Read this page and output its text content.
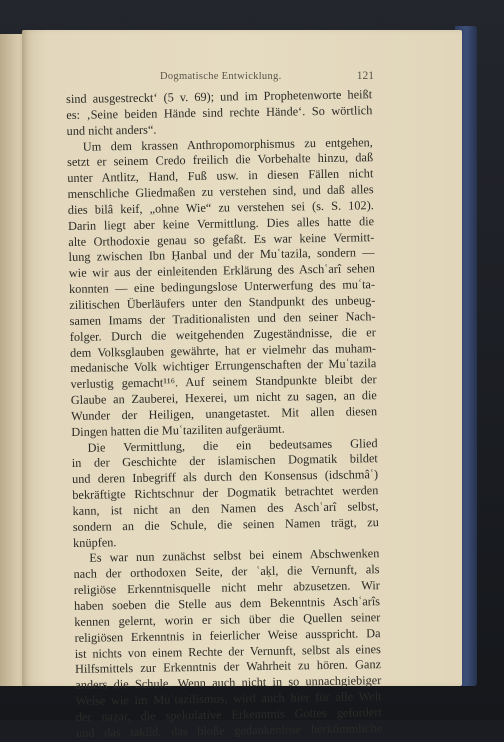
Dogmatische Entwicklung.	121
sind ausgestreckt‘ (5 v. 69); und im Prophetenworte heißt
es: ‚Seine beiden Hände sind rechte Hände‘. So wörtlich
und nicht anders“.
Um dem krassen Anthropomorphismus zu entgehen,
setzt er seinem Credo freilich die Vorbehalte hinzu, daß
unter Antlitz, Hand, Fuß usw. in diesen Fällen nicht
menschliche Gliedmaßen zu verstehen sind, und daß alles
dies bilâ keif, „ohne Wie“ zu verstehen sei (s. S. 102).
Darin liegt aber keine Vermittlung. Dies alles hatte die
alte Orthodoxie genau so gefaßt. Es war keine Vermitt-
lung zwischen Ibn Ḥanbal und der Muʿtazila, sondern —
wie wir aus der einleitenden Erklärung des Aschʿarî sehen
konnten — eine bedingungslose Unterwerfung des muʿta-
zilitischen Überläufers unter den Standpunkt des unbeug-
samen Imams der Traditionalisten und den seiner Nach-
folger. Durch die weitgehenden Zugeständnisse, die er
dem Volksglauben gewährte, hat er vielmehr das muham-
medanische Volk wichtiger Errungenschaften der Muʿtazila
verlustig gemacht¹¹⁶. Auf seinem Standpunkte bleibt der
Glaube an Zauberei, Hexerei, um nicht zu sagen, an die
Wunder der Heiligen, unangetastet. Mit allen diesen
Dingen hatten die Muʿtaziliten aufgeräumt.
Die Vermittlung, die ein bedeutsames Glied
in der Geschichte der islamischen Dogmatik bildet
und deren Inbegriff als durch den Konsensus (idschmâʿ)
bekräftigte Richtschnur der Dogmatik betrachtet werden
kann, ist nicht an den Namen des Aschʿarî selbst,
sondern an die Schule, die seinen Namen trägt, zu
knüpfen.
Es war nun zunächst selbst bei einem Abschwenken
nach der orthodoxen Seite, der ʿaḳl, die Vernunft, als
religiöse Erkenntnisquelle nicht mehr abzusetzen. Wir
haben soeben die Stelle aus dem Bekenntnis Aschʿarîs
kennen gelernt, worin er sich über die Quellen seiner
religiösen Erkenntnis in feierlicher Weise ausspricht. Da
ist nichts von einem Rechte der Vernunft, selbst als eines
Hilfsmittels zur Erkenntnis der Wahrheit zu hören. Ganz
anders die Schule. Wenn auch nicht in so unnachgiebiger
Weise wie im Muʿtazilismus, wird auch hier für alle Welt
der naẓar, die spekulative Erkenntnis Gottes gefordert
und das taḳlîd, das bloße gedankenlose herkömmliche
